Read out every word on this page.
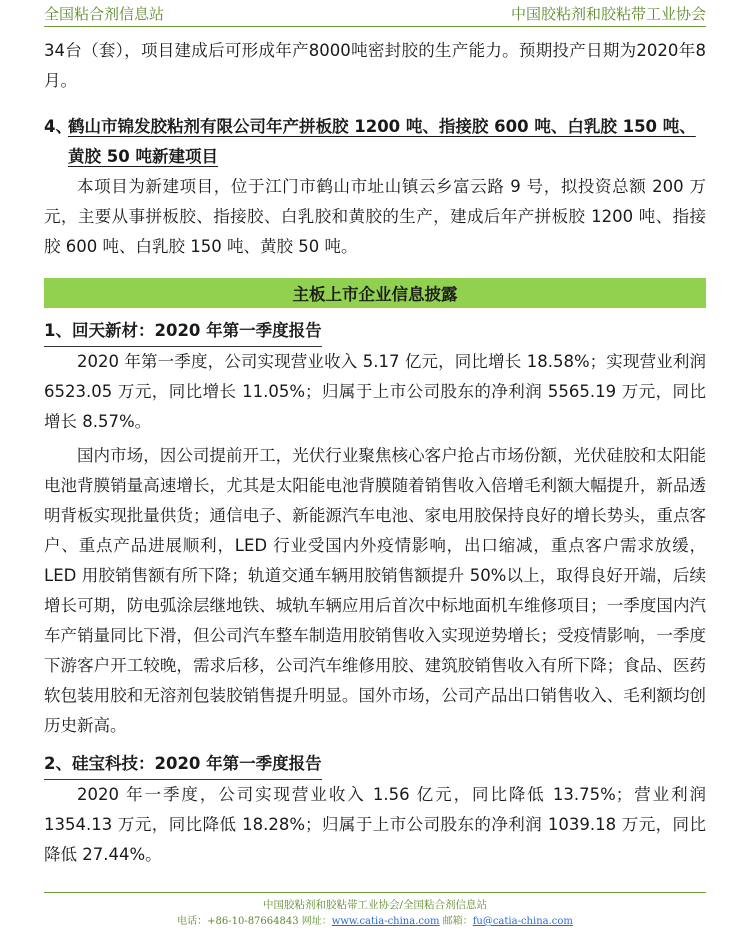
全国粘合剂信息站	中国胶粘剂和胶粘带工业协会

34台（套），项目建成后可形成年产8000吨密封胶的生产能力。预期投产日期为2020年8月。

4、
鹤山市锦发胶粘剂有限公司年产拼板胶 1200 吨、指接胶 600 吨、白乳胶 150 吨、黄胶 50 吨新建项目

本项目为新建项目，位于江门市鹤山市址山镇云乡富云路 9 号，拟投资总额 200 万元，主要从事拼板胶、指接胶、白乳胶和黄胶的生产，建成后年产拼板胶 1200 吨、指接胶 600 吨、白乳胶 150 吨、黄胶 50 吨。

主板上市企业信息披露
1、回天新材：2020 年第一季度报告

2020 年第一季度，公司实现营业收入 5.17 亿元，同比增长 18.58%；实现营业利润 6523.05 万元，同比增长 11.05%；归属于上市公司股东的净利润 5565.19 万元，同比增长 8.57%。

国内市场，因公司提前开工，光伏行业聚焦核心客户抢占市场份额，光伏硅胶和太阳能电池背膜销量高速增长，尤其是太阳能电池背膜随着销售收入倍增毛利额大幅提升，新品透明背板实现批量供货；通信电子、新能源汽车电池、家电用胶保持良好的增长势头，重点客户、重点产品进展顺利，LED 行业受国内外疫情影响，出口缩减，重点客户需求放缓，LED 用胶销售额有所下降；轨道交通车辆用胶销售额提升 50%以上，取得良好开端，后续增长可期，防电弧涂层继地铁、城轨车辆应用后首次中标地面机车维修项目；一季度国内汽车产销量同比下滑，但公司汽车整车制造用胶销售收入实现逆势增长；受疫情影响，一季度下游客户开工较晚，需求后移，公司汽车维修用胶、建筑胶销售收入有所下降；食品、医药软包装用胶和无溶剂包装胶销售提升明显。国外市场，公司产品出口销售收入、毛利额均创历史新高。

2、硅宝科技：2020 年第一季度报告

2020 年一季度，公司实现营业收入 1.56 亿元，同比降低 13.75%；营业利润 1354.13 万元，同比降低 18.28%；归属于上市公司股东的净利润 1039.18 万元，同比降低 27.44%。

中国胶粘剂和胶粘带工业协会/全国粘合剂信息站
电话：+86-10-87664843 网址：www.catia-china.com 邮箱：fu@catia-china.com
